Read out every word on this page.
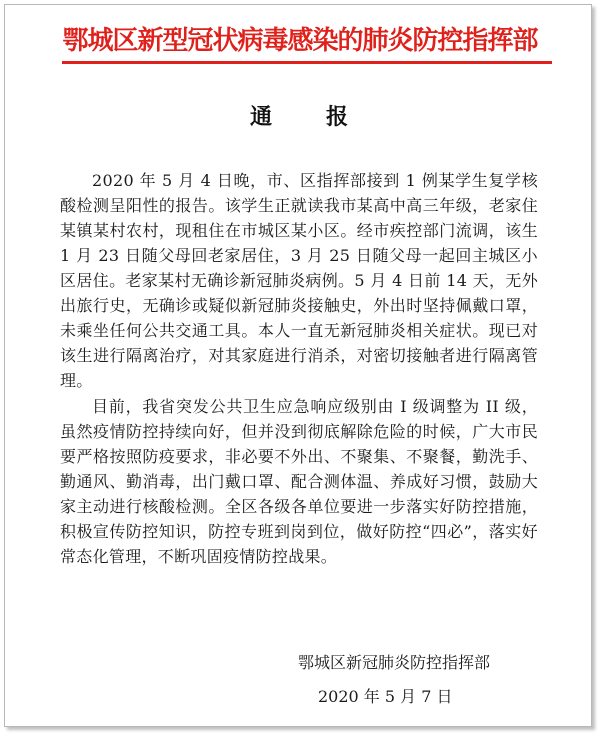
鄂城区新型冠状病毒感染的肺炎防控指挥部
通 报

2020 年 5 月 4 日晚，市、区指挥部接到 1 例某学生复学核酸检测呈阳性的报告。该学生正就读我市某高中高三年级，老家住某镇某村农村，现租住在市城区某小区。经市疾控部门流调，该生 1 月 23 日随父母回老家居住，3 月 25 日随父母一起回主城区小区居住。老家某村无确诊新冠肺炎病例。5 月 4 日前 14 天，无外出旅行史，无确诊或疑似新冠肺炎接触史，外出时坚持佩戴口罩，未乘坐任何公共交通工具。本人一直无新冠肺炎相关症状。现已对该生进行隔离治疗，对其家庭进行消杀，对密切接触者进行隔离管理。

目前，我省突发公共卫生应急响应级别由 I 级调整为 II 级，虽然疫情防控持续向好，但并没到彻底解除危险的时候，广大市民要严格按照防疫要求，非必要不外出、不聚集、不聚餐，勤洗手、勤通风、勤消毒，出门戴口罩、配合测体温、养成好习惯，鼓励大家主动进行核酸检测。全区各级各单位要进一步落实好防控措施，积极宣传防控知识，防控专班到岗到位，做好防控“四必”，落实好常态化管理，不断巩固疫情防控战果。

鄂城区新冠肺炎防控指挥部
2020 年 5 月 7 日
